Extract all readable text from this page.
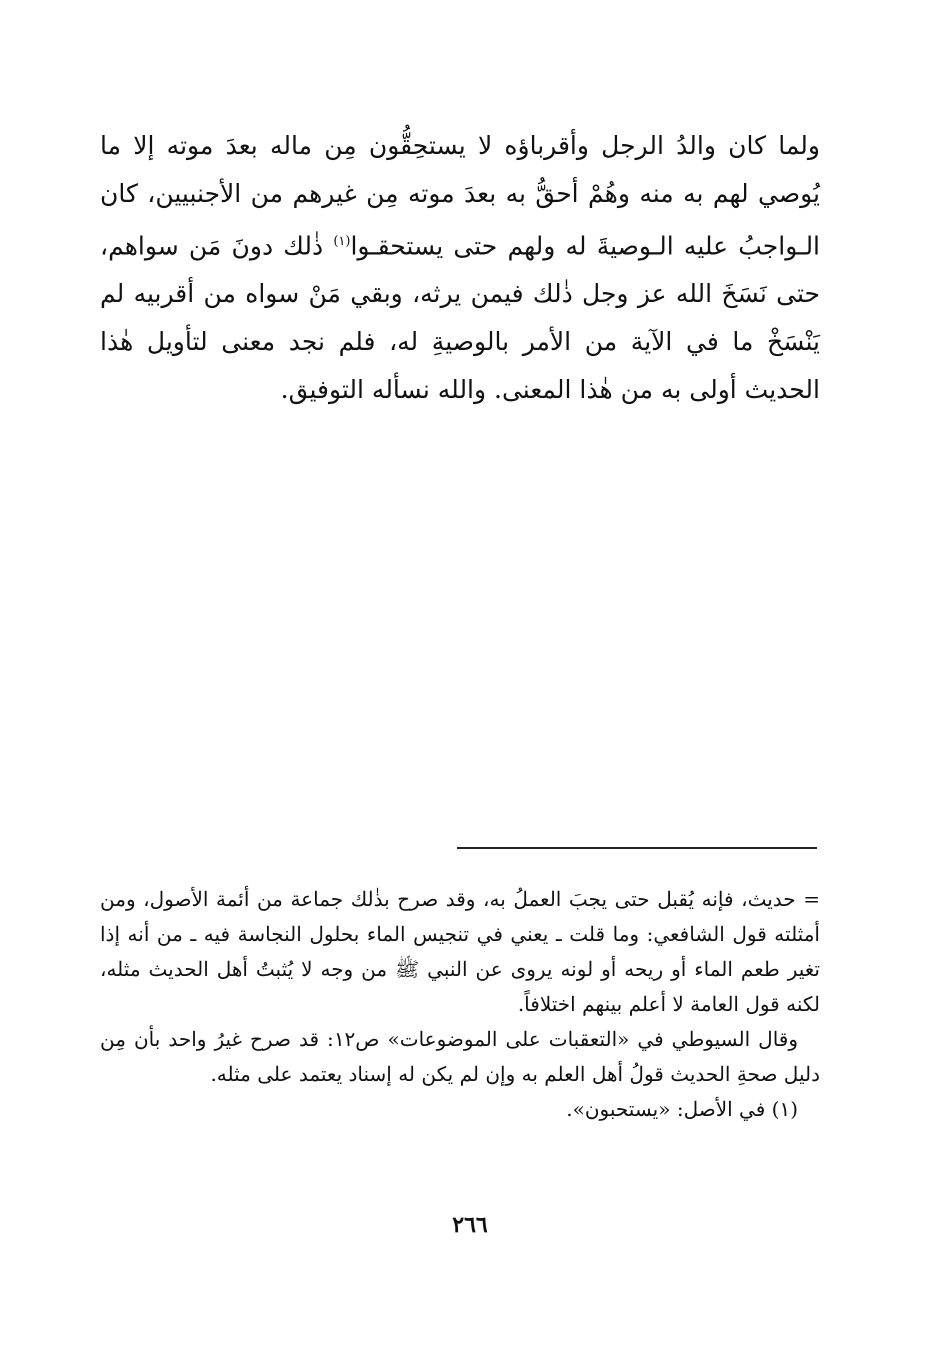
ولما كان والدُ الرجل وأقرباؤه لا يستحِقُّون مِن ماله بعدَ موته إلا ما يُوصي لهم به منه وهُمْ أحقُّ به بعدَ موته مِن غيرهم من الأجنبيين، كان الـواجبُ عليه الـوصيةَ له ولهم حتى يستحقـوا$^{(١)}$ ذٰلك دونَ مَن سواهم، حتى نَسَخَ الله عز وجل ذٰلك فيمن يرثه، وبقي مَنْ سواه من أقربيه لم يَنْسَخْ ما في الآية من الأمر بالوصيةِ له، فلم نجد معنى لتأويل هٰذا الحديث أولى به من هٰذا المعنى. والله نسأله التوفيق.

= حديث، فإنه يُقبل حتى يجبَ العملُ به، وقد صرح بذٰلك جماعة من أئمة الأصول، ومن أمثلته قول الشافعي: وما قلت ـ يعني في تنجيس الماء بحلول النجاسة فيه ـ من أنه إذا تغير طعم الماء أو ريحه أو لونه يروى عن النبي ﷺ من وجه لا يُثبتُ أهل الحديث مثله، لكنه قول العامة لا أعلم بينهم اختلافاً.

وقال السيوطي في «التعقبات على الموضوعات» ص١٢: قد صرح غيرُ واحد بأن مِن دليل صحةِ الحديث قولُ أهل العلم به وإن لم يكن له إسناد يعتمد على مثله.

(١) في الأصل: «يستحبون».

٢٦٦
